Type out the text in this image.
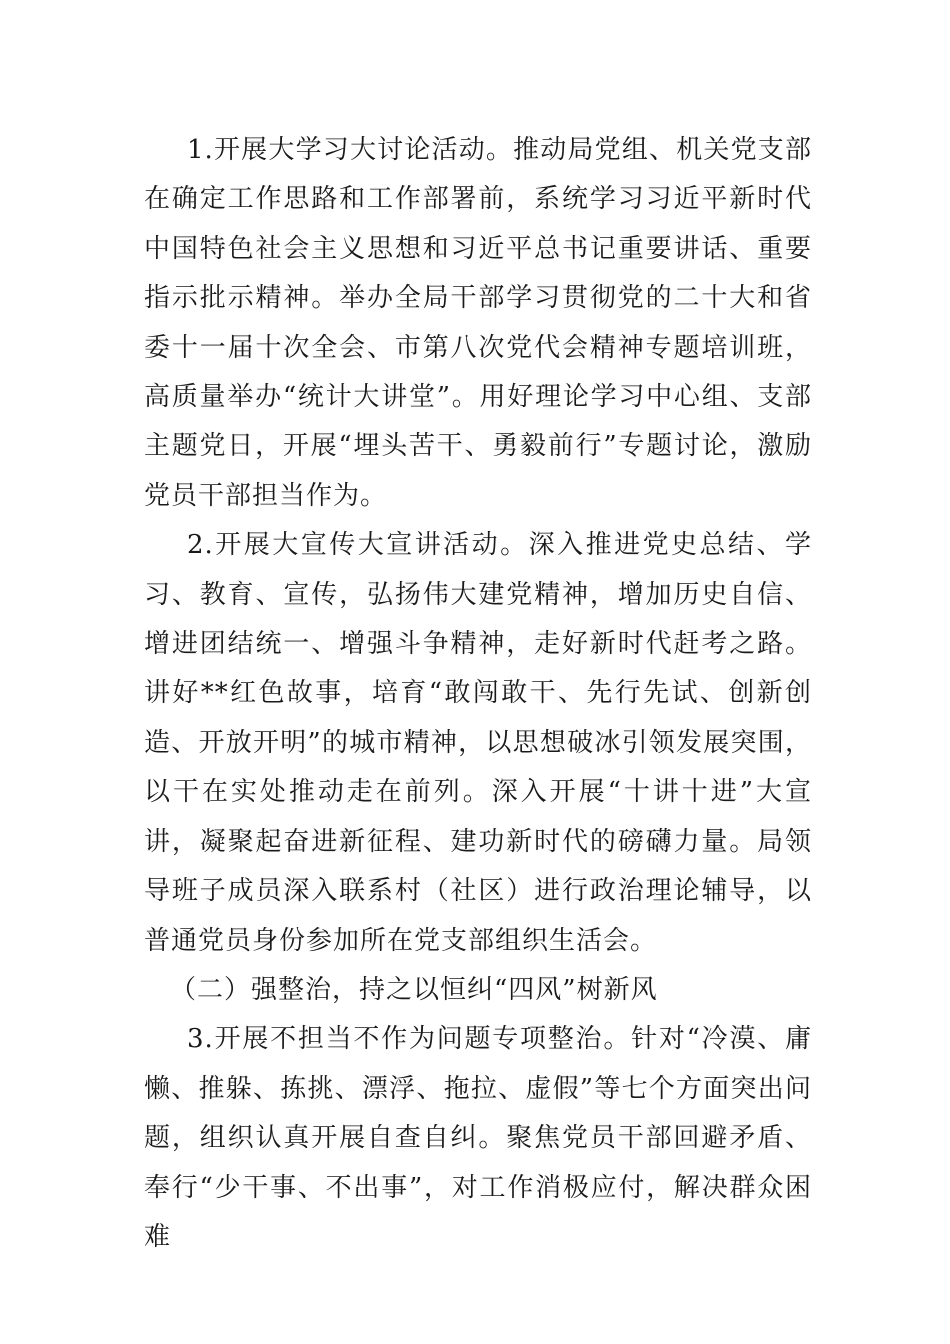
1.开展大学习大讨论活动。推动局党组、机关党支部在确定工作思路和工作部署前，系统学习习近平新时代中国特色社会主义思想和习近平总书记重要讲话、重要指示批示精神。举办全局干部学习贯彻党的二十大和省委十一届十次全会、市第八次党代会精神专题培训班，高质量举办“统计大讲堂”。用好理论学习中心组、支部主题党日，开展“埋头苦干、勇毅前行”专题讨论，激励党员干部担当作为。

2.开展大宣传大宣讲活动。深入推进党史总结、学习、教育、宣传，弘扬伟大建党精神，增加历史自信、增进团结统一、增强斗争精神，走好新时代赶考之路。讲好**红色故事，培育“敢闯敢干、先行先试、创新创造、开放开明”的城市精神，以思想破冰引领发展突围，以干在实处推动走在前列。深入开展“十讲十进”大宣讲，凝聚起奋进新征程、建功新时代的磅礴力量。局领导班子成员深入联系村（社区）进行政治理论辅导，以普通党员身份参加所在党支部组织生活会。

（二）强整治，持之以恒纠“四风”树新风

3.开展不担当不作为问题专项整治。针对“冷漠、庸懒、推躲、拣挑、漂浮、拖拉、虚假”等七个方面突出问题，组织认真开展自查自纠。聚焦党员干部回避矛盾、奉行“少干事、不出事”，对工作消极应付，解决群众困难
